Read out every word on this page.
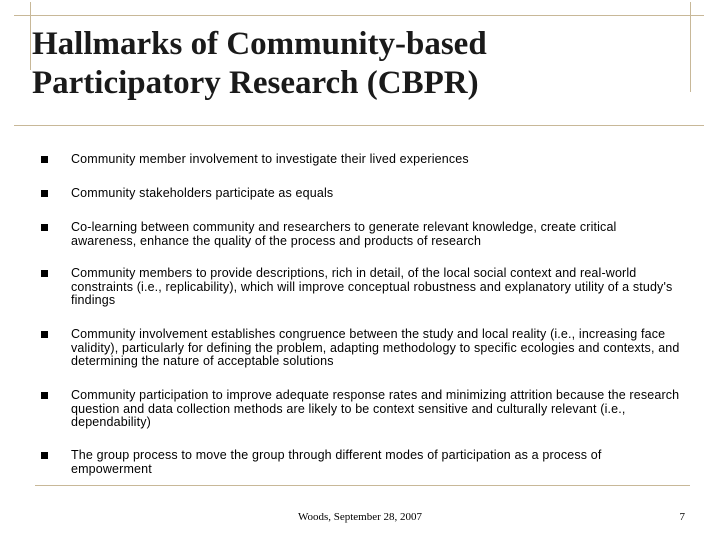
Hallmarks of Community-based
Participatory Research (CBPR)
Community member involvement to investigate their lived experiences
Community stakeholders participate as equals
Co-learning between community and researchers to generate relevant knowledge, create critical awareness, enhance the quality of the process and products of research
Community members to provide descriptions, rich in detail, of the local social context and real-world constraints (i.e., replicability), which will improve conceptual robustness and explanatory utility of a study's findings
Community involvement establishes congruence between the study and local reality (i.e., increasing face validity), particularly for defining the problem, adapting methodology to specific ecologies and contexts, and determining the nature of acceptable solutions
Community participation to improve adequate response rates and minimizing attrition because the research question and data collection methods are likely to be context sensitive and culturally relevant (i.e., dependability)
The group process to move the group through different modes of participation as a process of empowerment
Woods, September 28, 2007	7
